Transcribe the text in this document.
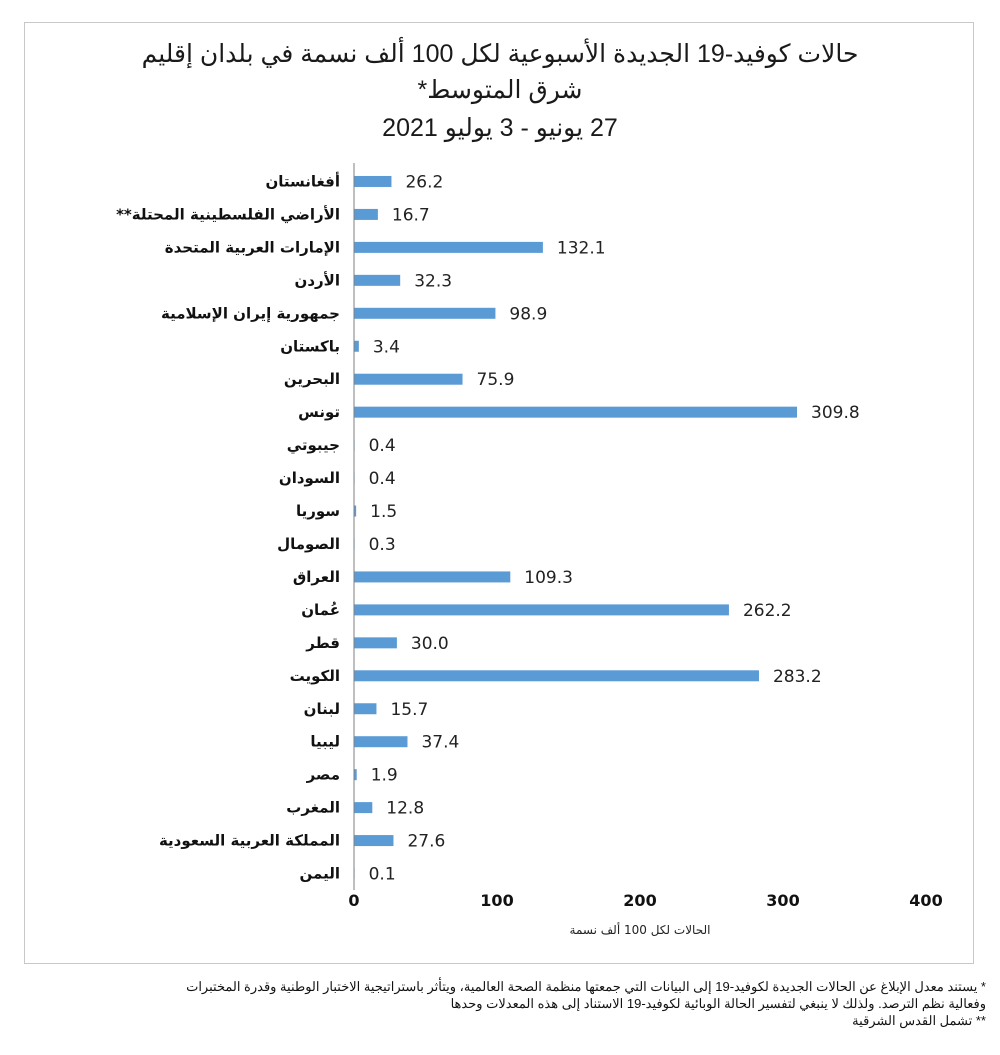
حالات كوفيد-19 الجديدة الأسبوعية لكل 100 ألف نسمة في بلدان إقليم
شرق المتوسط*
27 يونيو - 3 يوليو 2021
أفغانستان
الأراضي الفلسطينية المحتلة**
الإمارات العربية المتحدة
الأردن
جمهورية إيران الإسلامية
باكستان
البحرين
تونس
جيبوتي
السودان
سوريا
الصومال
العراق
عُمان
قطر
الكويت
لبنان
ليبيا
مصر
المغرب
المملكة العربية السعودية
اليمن
26.2
16.7
132.1
32.3
98.9
3.4
75.9
309.8
0.4
0.4
1.5
0.3
109.3
262.2
30.0
283.2
15.7
37.4
1.9
12.8
27.6
0.1
0	100	200	300	400
الحالات لكل 100 ألف نسمة
* يستند معدل الإبلاغ عن الحالات الجديدة لكوفيد-19 إلى البيانات التي جمعتها منظمة الصحة العالمية، ويتأثر باستراتيجية الاختبار الوطنية وقدرة المختبرات
وفعالية نظم الترصد. ولذلك لا ينبغي لتفسير الحالة الوبائية لكوفيد-19 الاستناد إلى هذه المعدلات وحدها
** تشمل القدس الشرقية
